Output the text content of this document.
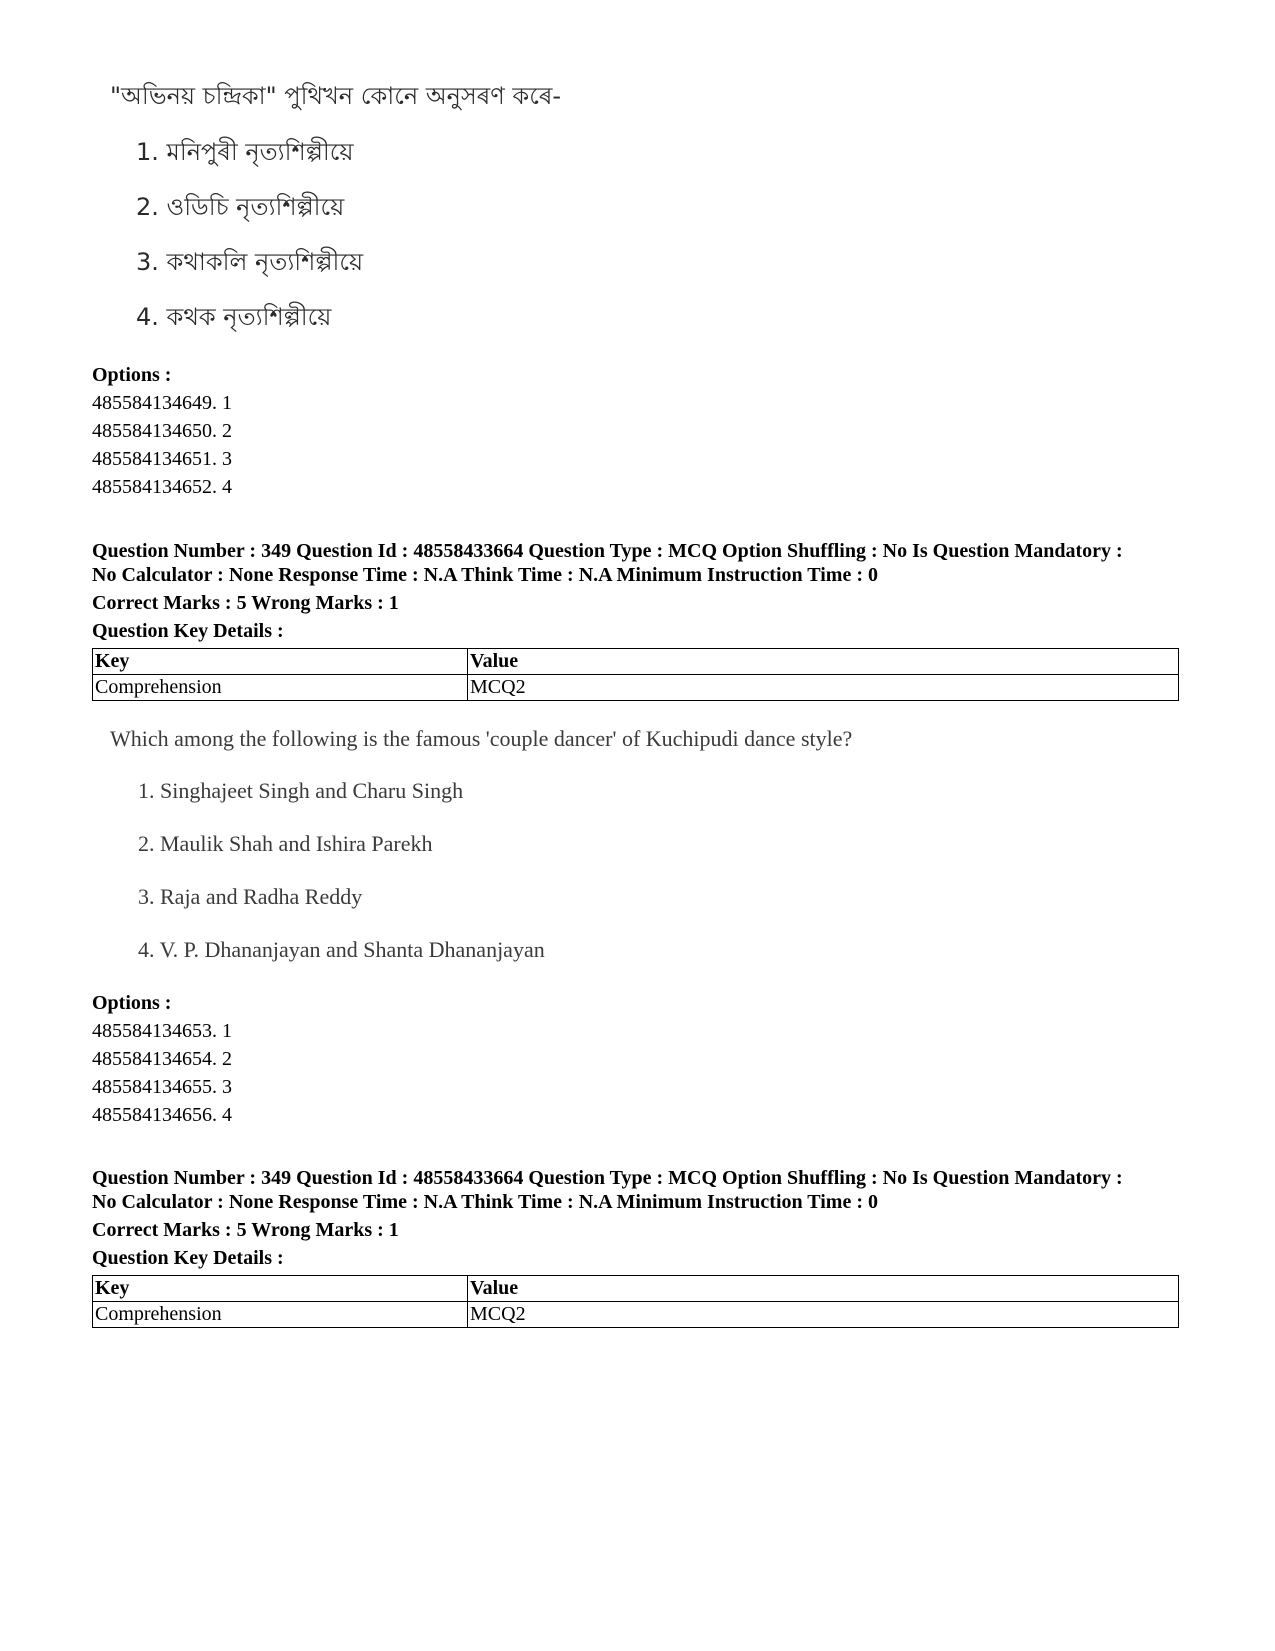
"অভিনয় চন্দ্ৰিকা" পুথিখন কোনে অনুসৰণ কৰে-
1. মনিপুৰী নৃত্যশিল্পীয়ে
2. ওডিচি নৃত্যশিল্পীয়ে
3. কথাকলি নৃত্যশিল্পীয়ে
4. কথক নৃত্যশিল্পীয়ে
Options :
485584134649. 1
485584134650. 2
485584134651. 3
485584134652. 4
Question Number : 349 Question Id : 48558433664 Question Type : MCQ Option Shuffling : No Is Question Mandatory :
No Calculator : None Response Time : N.A Think Time : N.A Minimum Instruction Time : 0
Correct Marks : 5 Wrong Marks : 1
Question Key Details :
Key	Value
Comprehension	MCQ2
Which among the following is the famous 'couple dancer' of Kuchipudi dance style?
1. Singhajeet Singh and Charu Singh
2. Maulik Shah and Ishira Parekh
3. Raja and Radha Reddy
4. V. P. Dhananjayan and Shanta Dhananjayan
Options :
485584134653. 1
485584134654. 2
485584134655. 3
485584134656. 4
Question Number : 349 Question Id : 48558433664 Question Type : MCQ Option Shuffling : No Is Question Mandatory :
No Calculator : None Response Time : N.A Think Time : N.A Minimum Instruction Time : 0
Correct Marks : 5 Wrong Marks : 1
Question Key Details :
Key	Value
Comprehension	MCQ2
